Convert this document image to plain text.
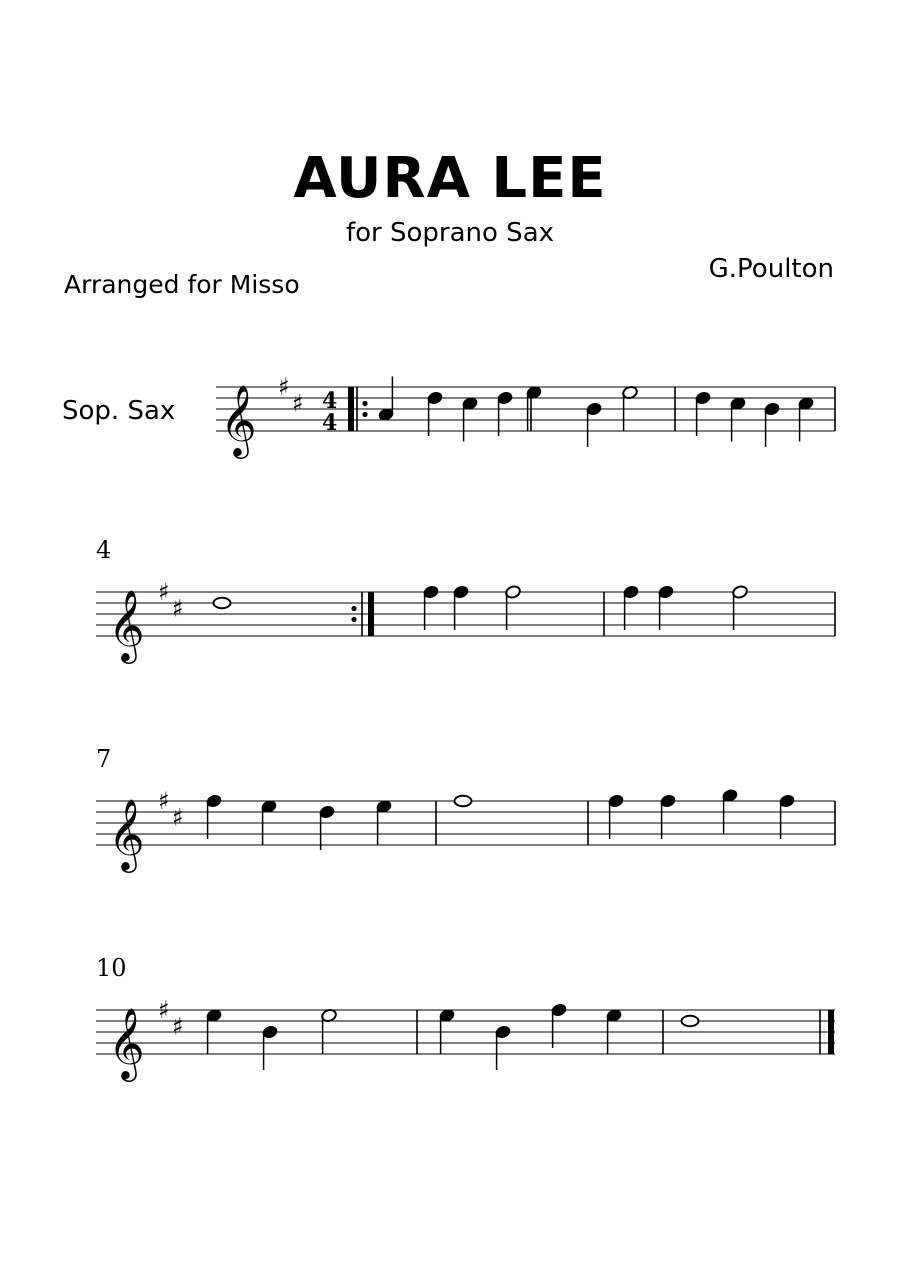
AURA LEE

for Soprano Sax

Arranged for Misso

G.Poulton

Sop. Sax

4

7

10

𝄞 ♯
♯ 4
4
𝄞 ♯
♯
𝄞 ♯
♯
𝄞 ♯
♯
